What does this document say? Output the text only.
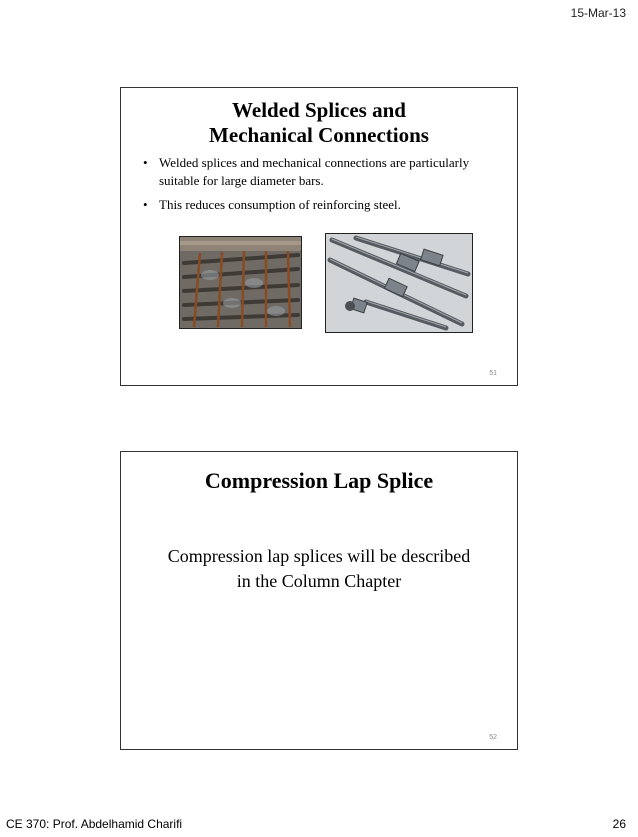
15-Mar-13
Welded Splices and
Mechanical Connections
• Welded splices and mechanical connections are particularly suitable for large diameter bars.
• This reduces consumption of reinforcing steel.
51
Compression Lap Splice
Compression lap splices will be described
in the Column Chapter
52
CE 370: Prof. Abdelhamid Charifi	26
